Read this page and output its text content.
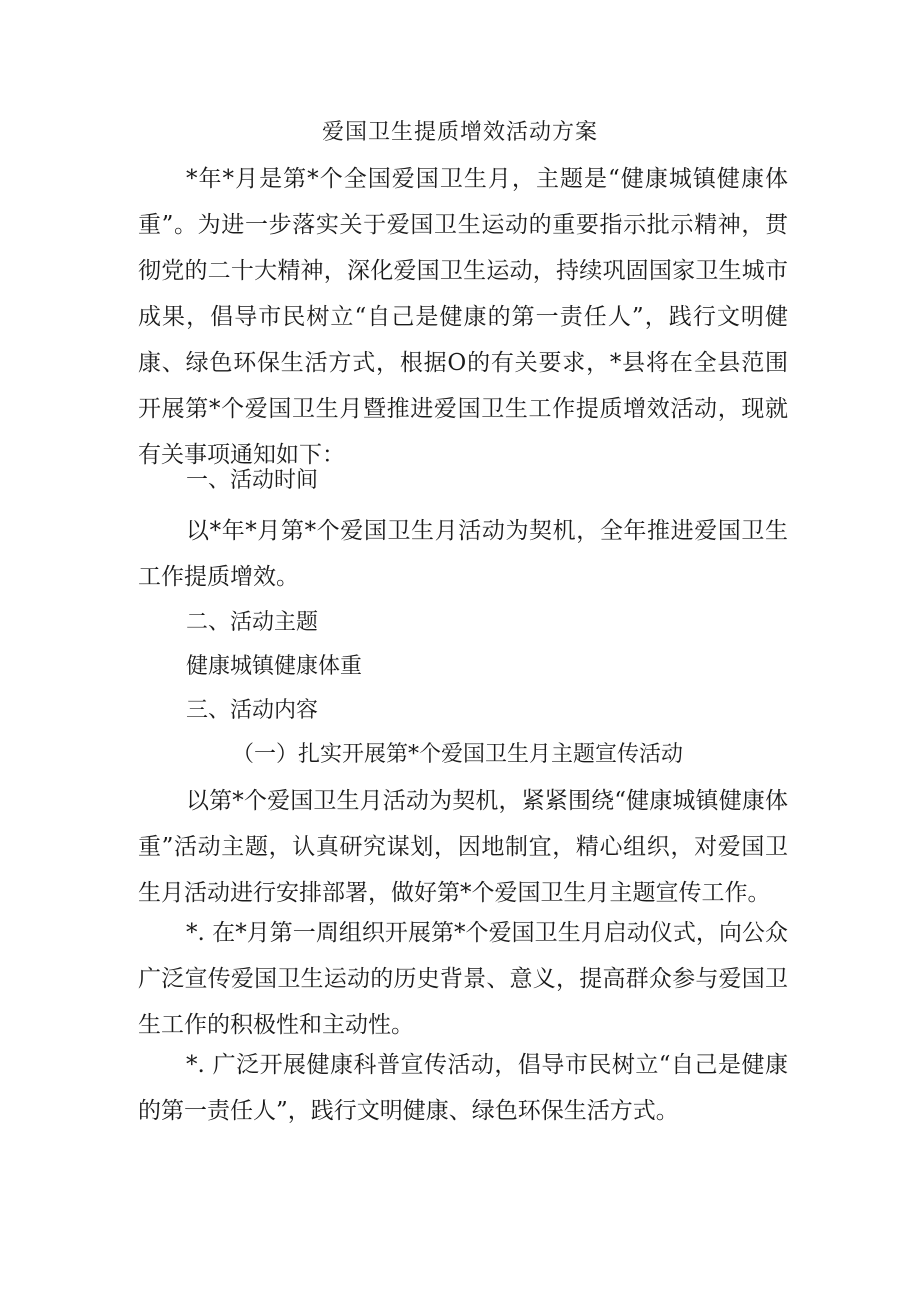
爱国卫生提质增效活动方案

*年*月是第*个全国爱国卫生月，主题是“健康城镇健康体重”。为进一步落实关于爱国卫生运动的重要指示批示精神，贯彻党的二十大精神，深化爱国卫生运动，持续巩固国家卫生城市成果，倡导市民树立“自己是健康的第一责任人”，践行文明健康、绿色环保生活方式，根据O的有关要求，*县将在全县范围开展第*个爱国卫生月暨推进爱国卫生工作提质增效活动，现就有关事项通知如下：

一、活动时间

以*年*月第*个爱国卫生月活动为契机，全年推进爱国卫生工作提质增效。

二、活动主题

健康城镇健康体重

三、活动内容

（一）扎实开展第*个爱国卫生月主题宣传活动

以第*个爱国卫生月活动为契机，紧紧围绕“健康城镇健康体重”活动主题，认真研究谋划，因地制宜，精心组织，对爱国卫生月活动进行安排部署，做好第*个爱国卫生月主题宣传工作。

*. 在*月第一周组织开展第*个爱国卫生月启动仪式，向公众广泛宣传爱国卫生运动的历史背景、意义，提高群众参与爱国卫生工作的积极性和主动性。

*. 广泛开展健康科普宣传活动，倡导市民树立“自己是健康的第一责任人”，践行文明健康、绿色环保生活方式。
